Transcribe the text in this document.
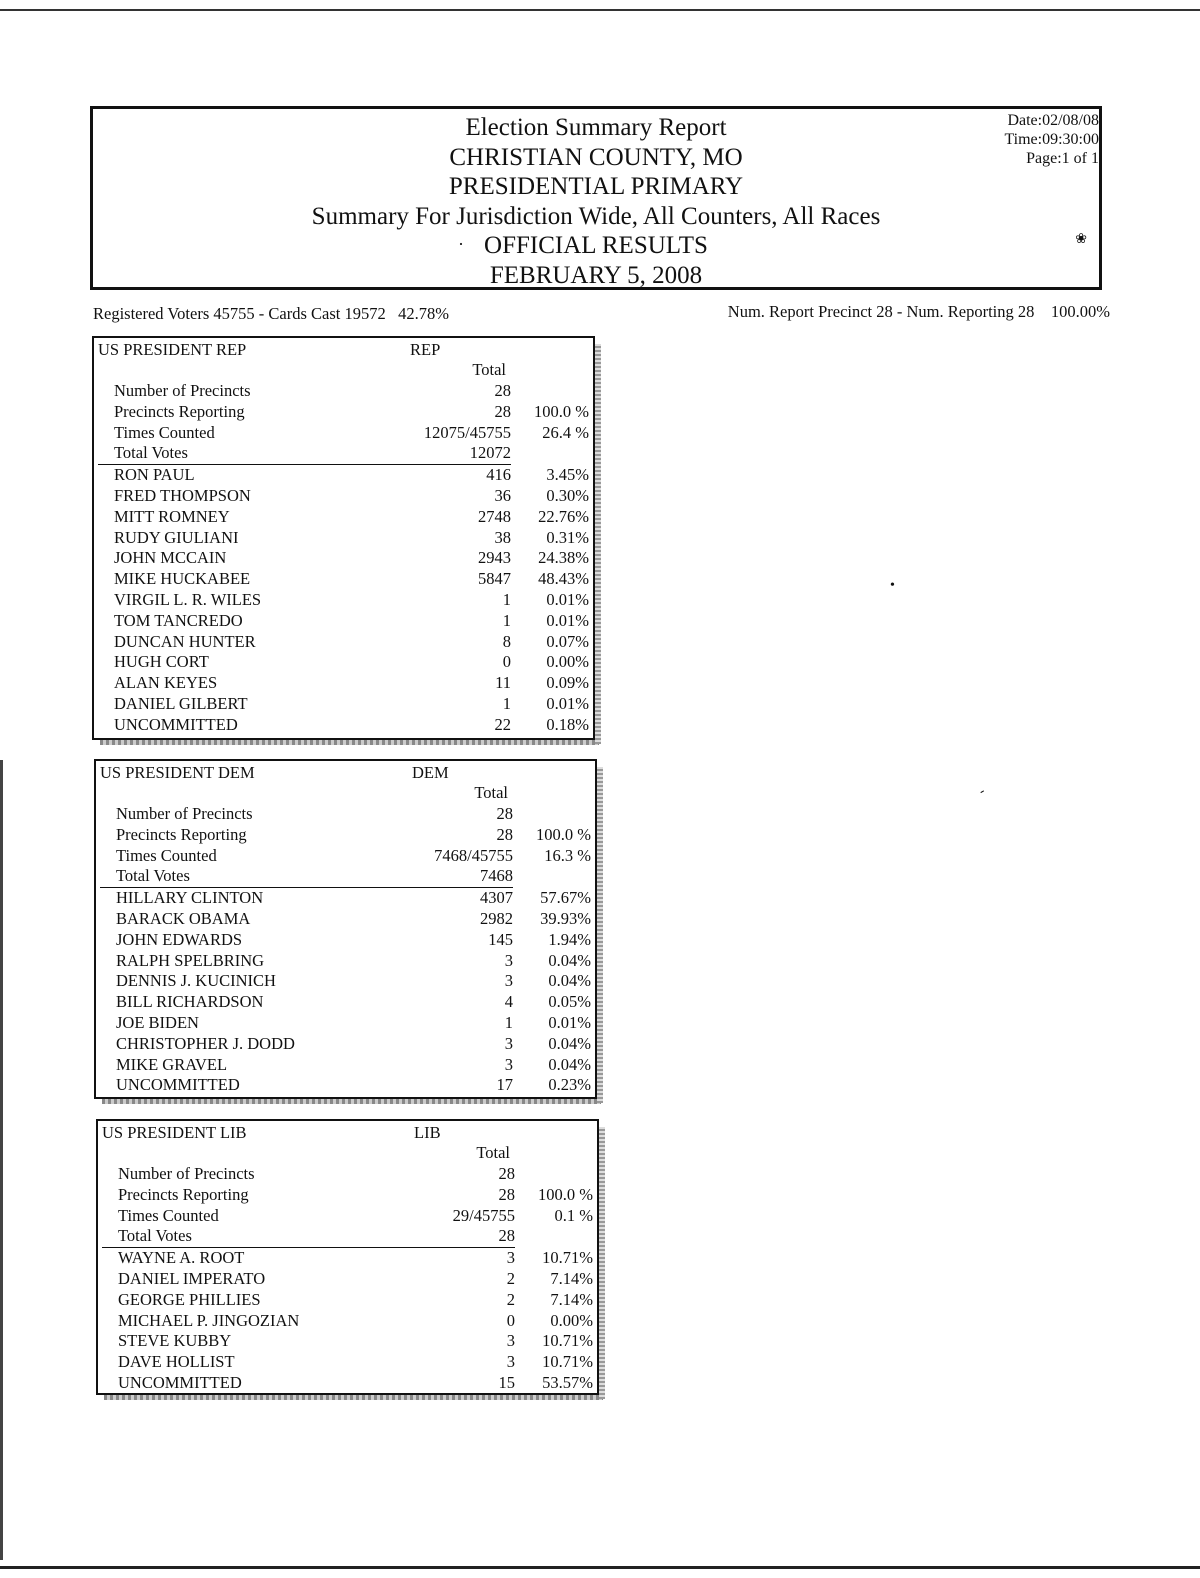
Election Summary Report
CHRISTIAN COUNTY, MO
PRESIDENTIAL PRIMARY
Summary For Jurisdiction Wide, All Counters, All Races
OFFICIAL RESULTS
FEBRUARY 5, 2008
Date:02/08/08
Time:09:30:00
Page:1 of 1
·	❀
Registered Voters 45755 - Cards Cast 19572   42.78%	Num. Report Precinct 28 - Num. Reporting 28    100.00%
US PRESIDENT REP	REP
Total
Number of Precincts	28
Precincts Reporting	28 100.0 %
Times Counted	12075/45755 26.4 %
Total Votes	12072
RON PAUL	416 3.45%
FRED THOMPSON	36 0.30%
MITT ROMNEY	2748 22.76%
RUDY GIULIANI	38 0.31%
JOHN MCCAIN	2943 24.38%
MIKE HUCKABEE	5847 48.43%
VIRGIL L. R. WILES	1 0.01%
TOM TANCREDO	1 0.01%
DUNCAN HUNTER	8 0.07%
HUGH CORT	0 0.00%
ALAN KEYES	11 0.09%
DANIEL GILBERT	1 0.01%
UNCOMMITTED	22 0.18%
US PRESIDENT DEM	DEM
Total
Number of Precincts	28
Precincts Reporting	28 100.0 %
Times Counted	7468/45755 16.3 %
Total Votes	7468
HILLARY CLINTON	4307 57.67%
BARACK OBAMA	2982 39.93%
JOHN EDWARDS	145 1.94%
RALPH SPELBRING	3 0.04%
DENNIS J. KUCINICH	3 0.04%
BILL RICHARDSON	4 0.05%
JOE BIDEN	1 0.01%
CHRISTOPHER J. DODD	3 0.04%
MIKE GRAVEL	3 0.04%
UNCOMMITTED	17 0.23%
US PRESIDENT LIB	LIB
Total
Number of Precincts	28
Precincts Reporting	28 100.0 %
Times Counted	29/45755 0.1 %
Total Votes	28
WAYNE A. ROOT	3 10.71%
DANIEL IMPERATO	2 7.14%
GEORGE PHILLIES	2 7.14%
MICHAEL P. JINGOZIAN	0 0.00%
STEVE KUBBY	3 10.71%
DAVE HOLLIST	3 10.71%
UNCOMMITTED	15 53.57%
•
-
